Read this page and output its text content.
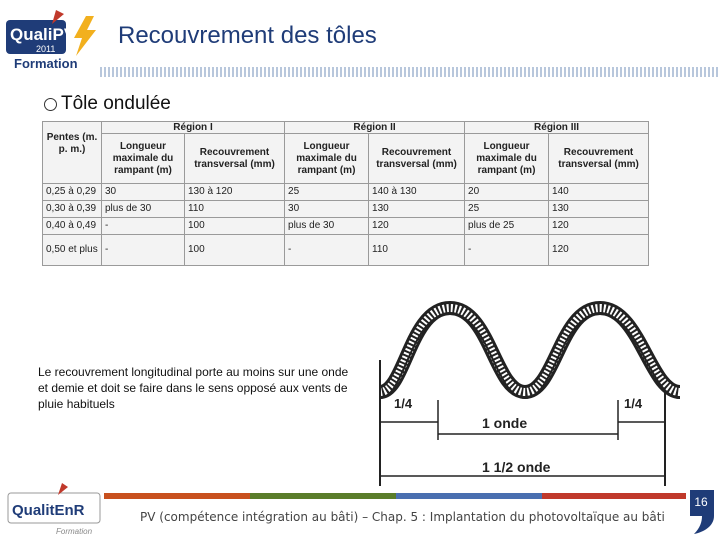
QualiPV
2011
Formation
Recouvrement des tôles
Tôle ondulée
Pentes (m. p. m.)	Région I		Région II		Région III	
	Longueur maximale du rampant (m)	Recouvrement transversal (mm)	Longueur maximale du rampant (m)	Recouvrement transversal (mm)	Longueur maximale du rampant (m)	Recouvrement transversal (mm)
0,25 à 0,29	30	130 à 120	25	140 à 130	20	140
0,30 à 0,39	plus de 30	110	30	130	25	130
0,40 à 0,49	-	100	plus de 30	120	plus de 25	120
0,50 et plus	-	100	-	110	-	120
Le recouvrement longitudinal porte au moins sur une onde et demie et doit se faire dans le sens opposé aux vents de pluie habituels	1/4	1/4
1 onde
1 1/2 onde
QualitEnR
Formation
PV (compétence intégration au bâti) – Chap. 5 : Implantation du photovoltaïque au bâti
16
